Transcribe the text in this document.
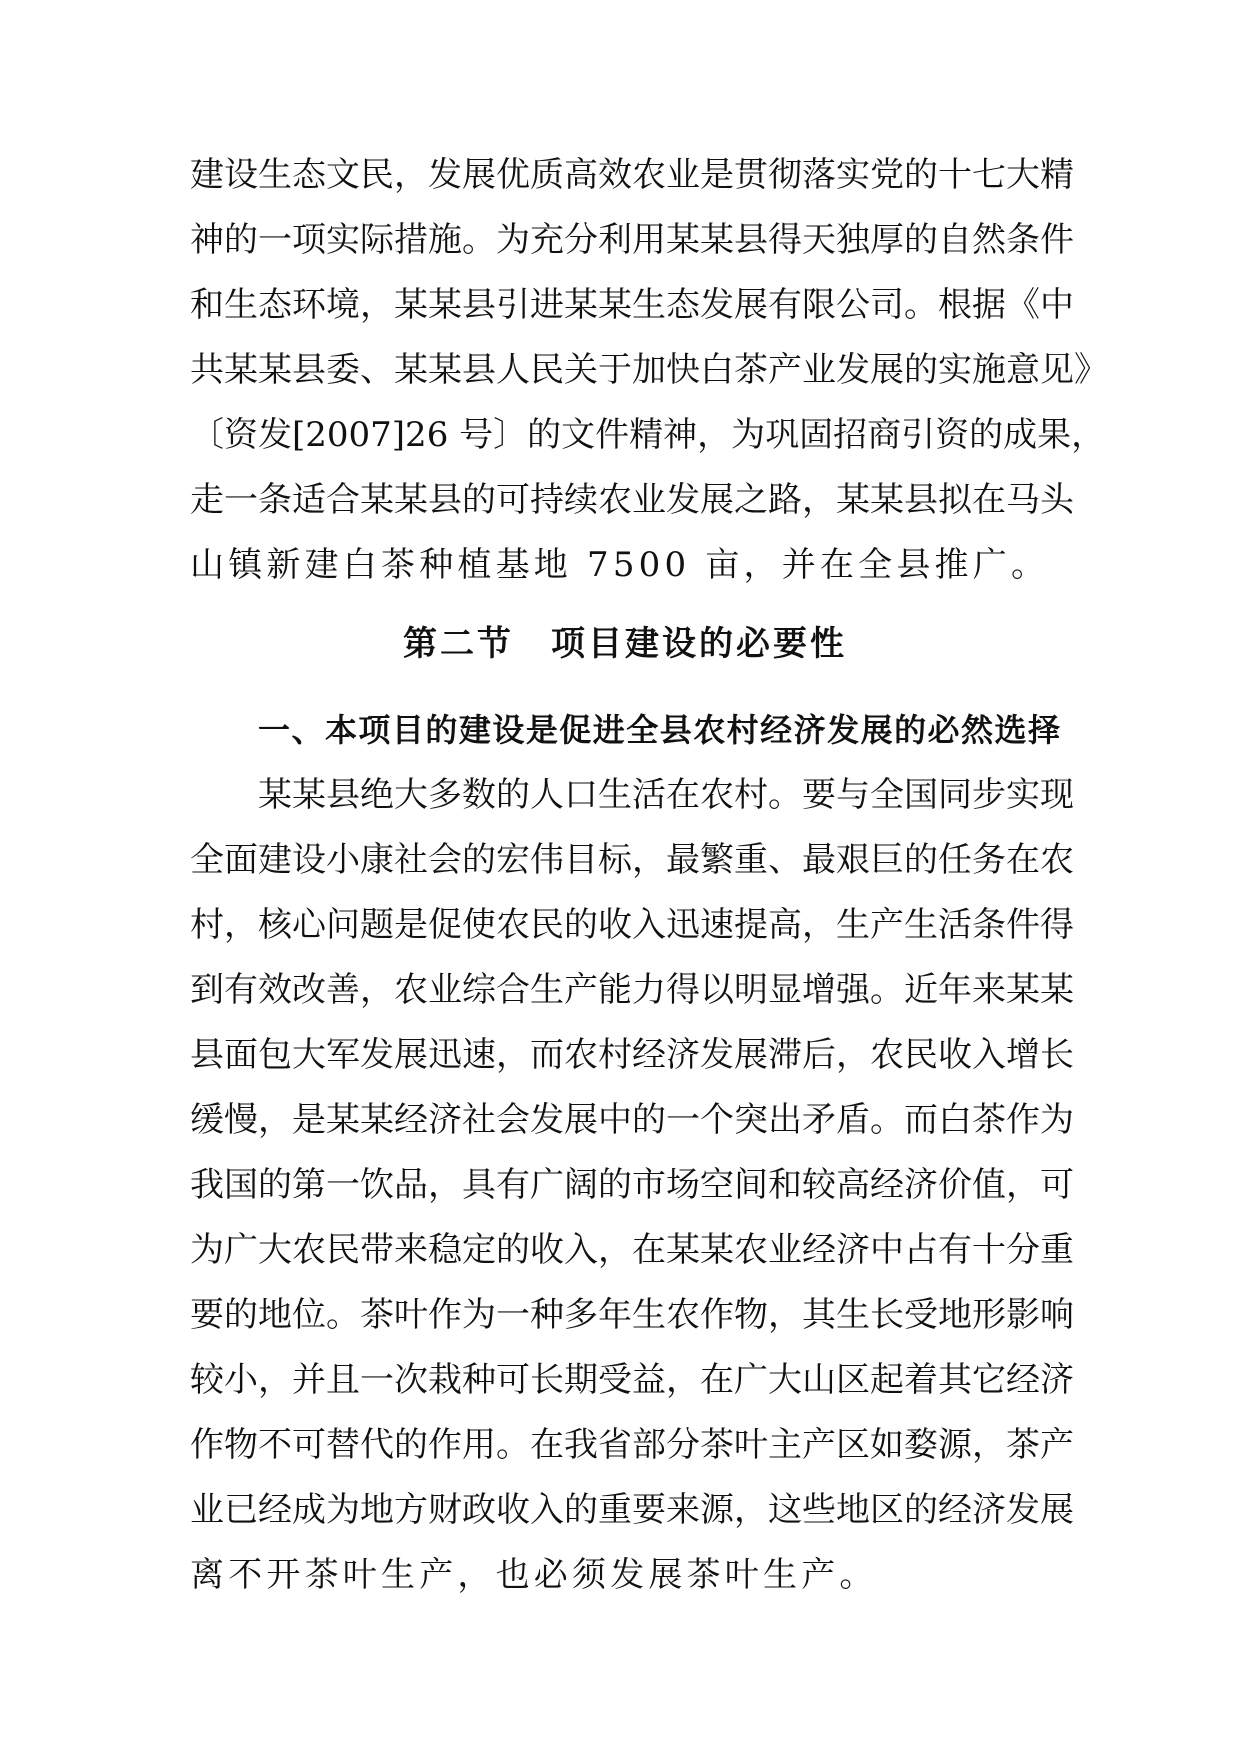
建设生态文民，发展优质高效农业是贯彻落实党的十七大精
神的一项实际措施。为充分利用某某县得天独厚的自然条件
和生态环境，某某县引进某某生态发展有限公司。根据《中
共某某县委、某某县人民关于加快白茶产业发展的实施意见》
〔资发[2007]26 号〕的文件精神，为巩固招商引资的成果，
走一条适合某某县的可持续农业发展之路，某某县拟在马头
山镇新建白茶种植基地 7500 亩，并在全县推广。
第二节　项目建设的必要性
一、本项目的建设是促进全县农村经济发展的必然选择
某某县绝大多数的人口生活在农村。要与全国同步实现
全面建设小康社会的宏伟目标，最繁重、最艰巨的任务在农
村，核心问题是促使农民的收入迅速提高，生产生活条件得
到有效改善，农业综合生产能力得以明显增强。近年来某某
县面包大军发展迅速，而农村经济发展滞后，农民收入增长
缓慢，是某某经济社会发展中的一个突出矛盾。而白茶作为
我国的第一饮品，具有广阔的市场空间和较高经济价值，可
为广大农民带来稳定的收入，在某某农业经济中占有十分重
要的地位。茶叶作为一种多年生农作物，其生长受地形影响
较小，并且一次栽种可长期受益，在广大山区起着其它经济
作物不可替代的作用。在我省部分茶叶主产区如婺源，茶产
业已经成为地方财政收入的重要来源，这些地区的经济发展
离不开茶叶生产，也必须发展茶叶生产。
